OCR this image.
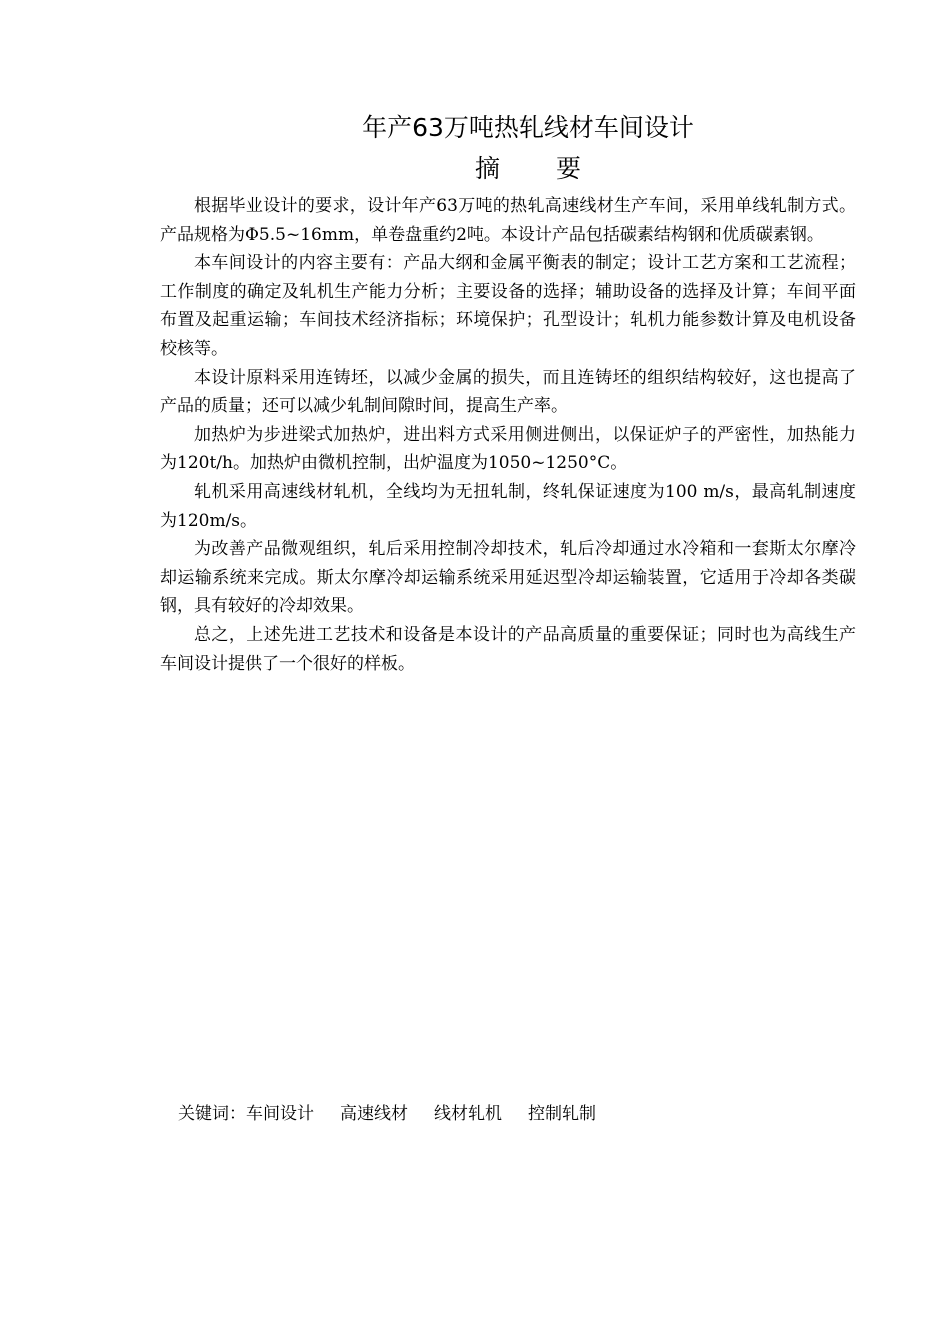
年产63万吨热轧线材车间设计
摘 要

根据毕业设计的要求，设计年产63万吨的热轧高速线材生产车间，采用单线轧制方式。产品规格为Φ5.5~16mm，单卷盘重约2吨。本设计产品包括碳素结构钢和优质碳素钢。

本车间设计的内容主要有：产品大纲和金属平衡表的制定；设计工艺方案和工艺流程；工作制度的确定及轧机生产能力分析；主要设备的选择；辅助设备的选择及计算；车间平面布置及起重运输；车间技术经济指标；环境保护；孔型设计；轧机力能参数计算及电机设备校核等。

本设计原料采用连铸坯，以减少金属的损失，而且连铸坯的组织结构较好，这也提高了产品的质量；还可以减少轧制间隙时间，提高生产率。

加热炉为步进梁式加热炉，进出料方式采用侧进侧出，以保证炉子的严密性，加热能力为120t/h。加热炉由微机控制，出炉温度为1050~1250°C。

轧机采用高速线材轧机，全线均为无扭轧制，终轧保证速度为100 m/s，最高轧制速度为120m/s。

为改善产品微观组织，轧后采用控制冷却技术，轧后冷却通过水冷箱和一套斯太尔摩冷却运输系统来完成。斯太尔摩冷却运输系统采用延迟型冷却运输装置，它适用于冷却各类碳钢，具有较好的冷却效果。

总之，上述先进工艺技术和设备是本设计的产品高质量的重要保证；同时也为高线生产车间设计提供了一个很好的样板。

关键词：车间设计 高速线材 线材轧机 控制轧制
